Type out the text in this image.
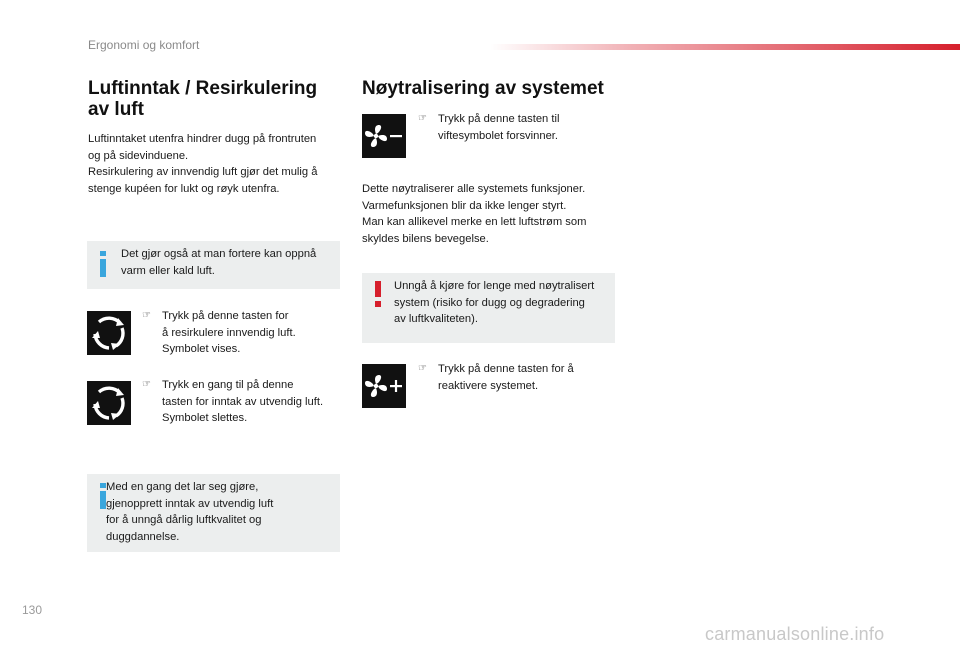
Ergonomi og komfort
Luftinntak / Resirkulering
av luft

Luftinntaket utenfra hindrer dugg på frontruten
og på sidevinduene.
Resirkulering av innvendig luft gjør det mulig å
stenge kupéen for lukt og røyk utenfra.

Det gjør også at man fortere kan oppnå
varm eller kald luft.
☞ Trykk på denne tasten for
å resirkulere innvendig luft.
Symbolet vises.
☞ Trykk en gang til på denne
tasten for inntak av utvendig luft.
Symbolet slettes.
Med en gang det lar seg gjøre,
gjenopprett inntak av utvendig luft
for å unngå dårlig luftkvalitet og
duggdannelse.
Nøytralisering av systemet
☞ Trykk på denne tasten til
viftesymbolet forsvinner.

Dette nøytraliserer alle systemets funksjoner.
Varmefunksjonen blir da ikke lenger styrt.
Man kan allikevel merke en lett luftstrøm som
skyldes bilens bevegelse.

Unngå å kjøre for lenge med nøytralisert
system (risiko for dugg og degradering
av luftkvaliteten).
☞ Trykk på denne tasten for å
reaktivere systemet.
130
carmanualsonline.info
